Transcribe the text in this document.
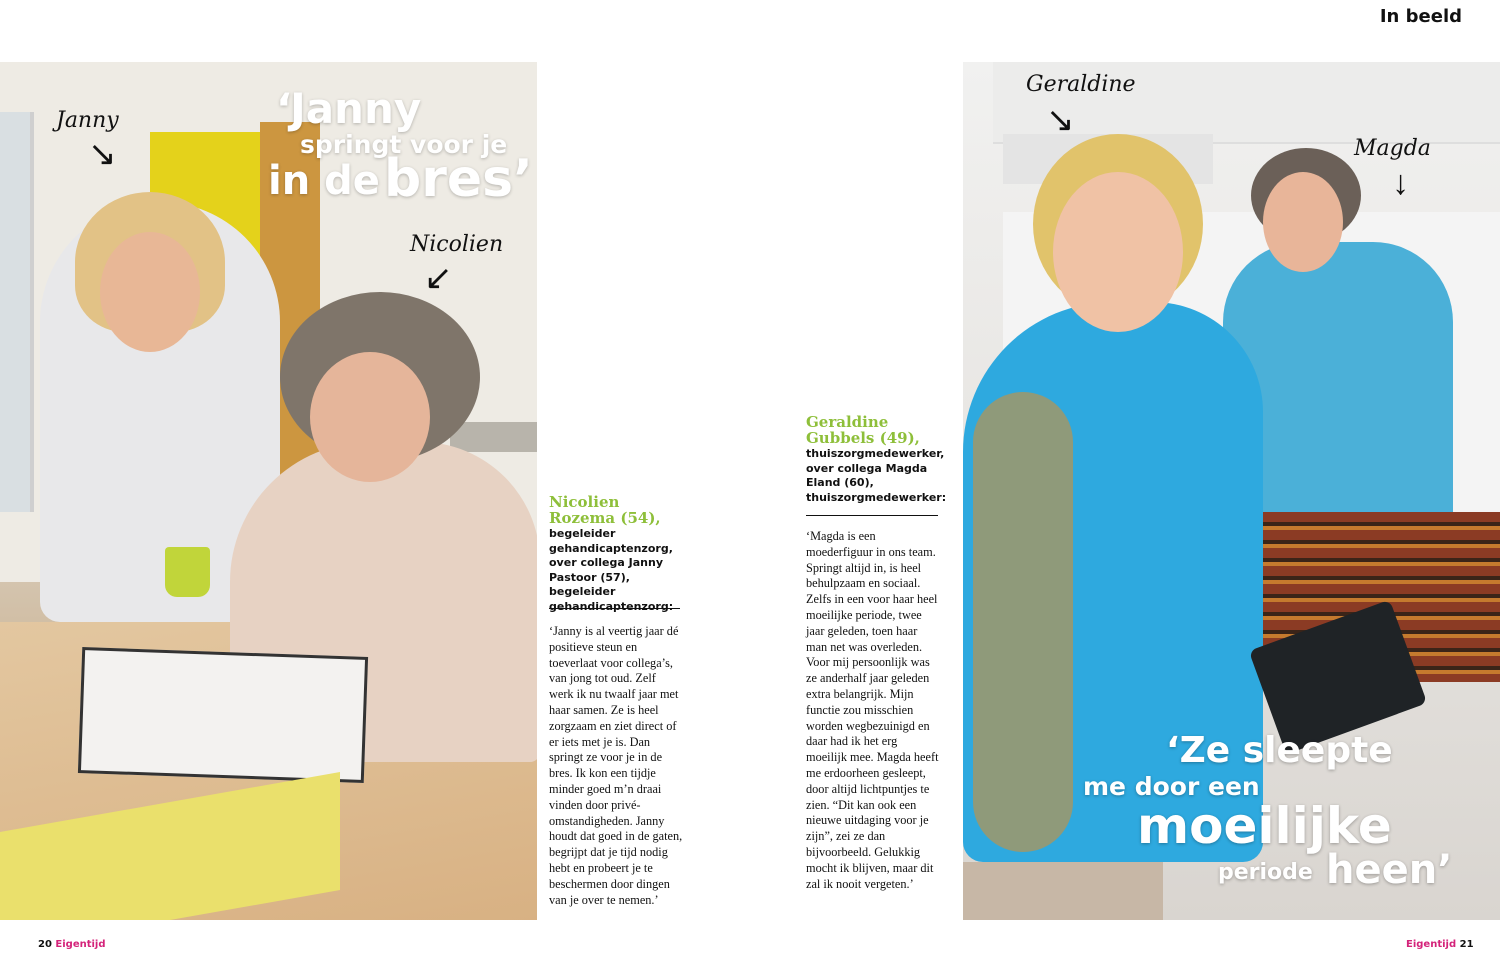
In beeld
‘Janny
springt voor je
in de bres’
Janny
↘
Nicolien
↙
Nicolien Rozema (54),
begeleider gehandicaptenzorg, over collega Janny Pastoor (57), begeleider gehandicaptenzorg:
‘Janny is al veertig jaar dé positieve steun en toeverlaat voor collega’s, van jong tot oud. Zelf werk ik nu twaalf jaar met haar samen. Ze is heel zorgzaam en ziet direct of er iets met je is. Dan springt ze voor je in de bres. Ik kon een tijdje minder goed m’n draai vinden door privé-omstandigheden. Janny houdt dat goed in de gaten, begrijpt dat je tijd nodig hebt en probeert je te beschermen door dingen van je over te nemen.’
Geraldine Gubbels (49),
thuiszorgmedewerker, over collega Magda Eland (60), thuiszorgmedewerker:
‘Magda is een moederfiguur in ons team. Springt altijd in, is heel behulpzaam en sociaal. Zelfs in een voor haar heel moeilijke periode, twee jaar geleden, toen haar man net was overleden. Voor mij persoonlijk was ze anderhalf jaar geleden extra belangrijk. Mijn functie zou misschien worden wegbezuinigd en daar had ik het erg moeilijk mee. Magda heeft me erdoorheen gesleept, door altijd lichtpuntjes te zien. “Dit kan ook een nieuwe uitdaging voor je zijn”, zei ze dan bijvoorbeeld. Gelukkig mocht ik blijven, maar dit zal ik nooit vergeten.’
Geraldine
↘
Magda
↓
‘Ze sleepte
me door een
moeilijke
periode heen’
20 Eigentijd	Eigentijd 21
